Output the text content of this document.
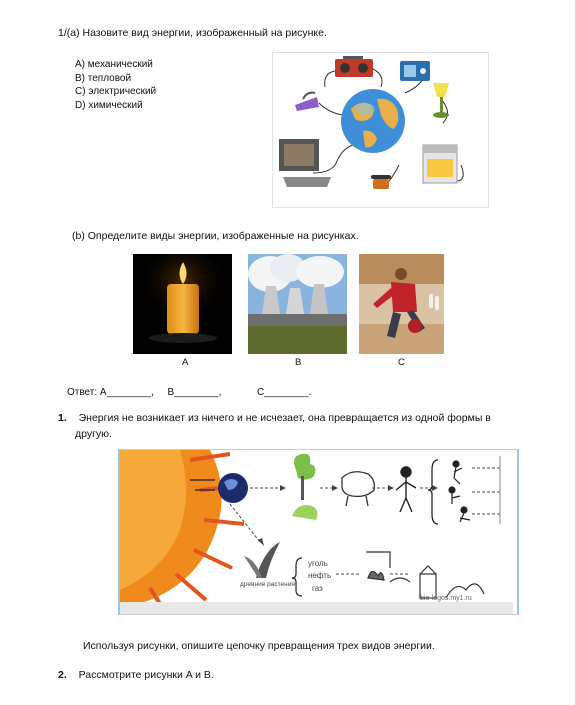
1/(a) Назовите вид энергии, изображенный на рисунке.
A) механический
B) тепловой
C) электрический
D) химический
(b) Определите виды энергии, изображенные на рисунках.
A	B	C
Ответ: A________, B________,	C________.
1. Энергия не возникает из ничего и не исчезает, она превращается из одной формы в
другую.
древние растения
уголь
нефть
газ
bio-logos.my1.ru
Используя рисунки, опишите цепочку превращения трех видов энергии.
2. Рассмотрите рисунки A и B.
